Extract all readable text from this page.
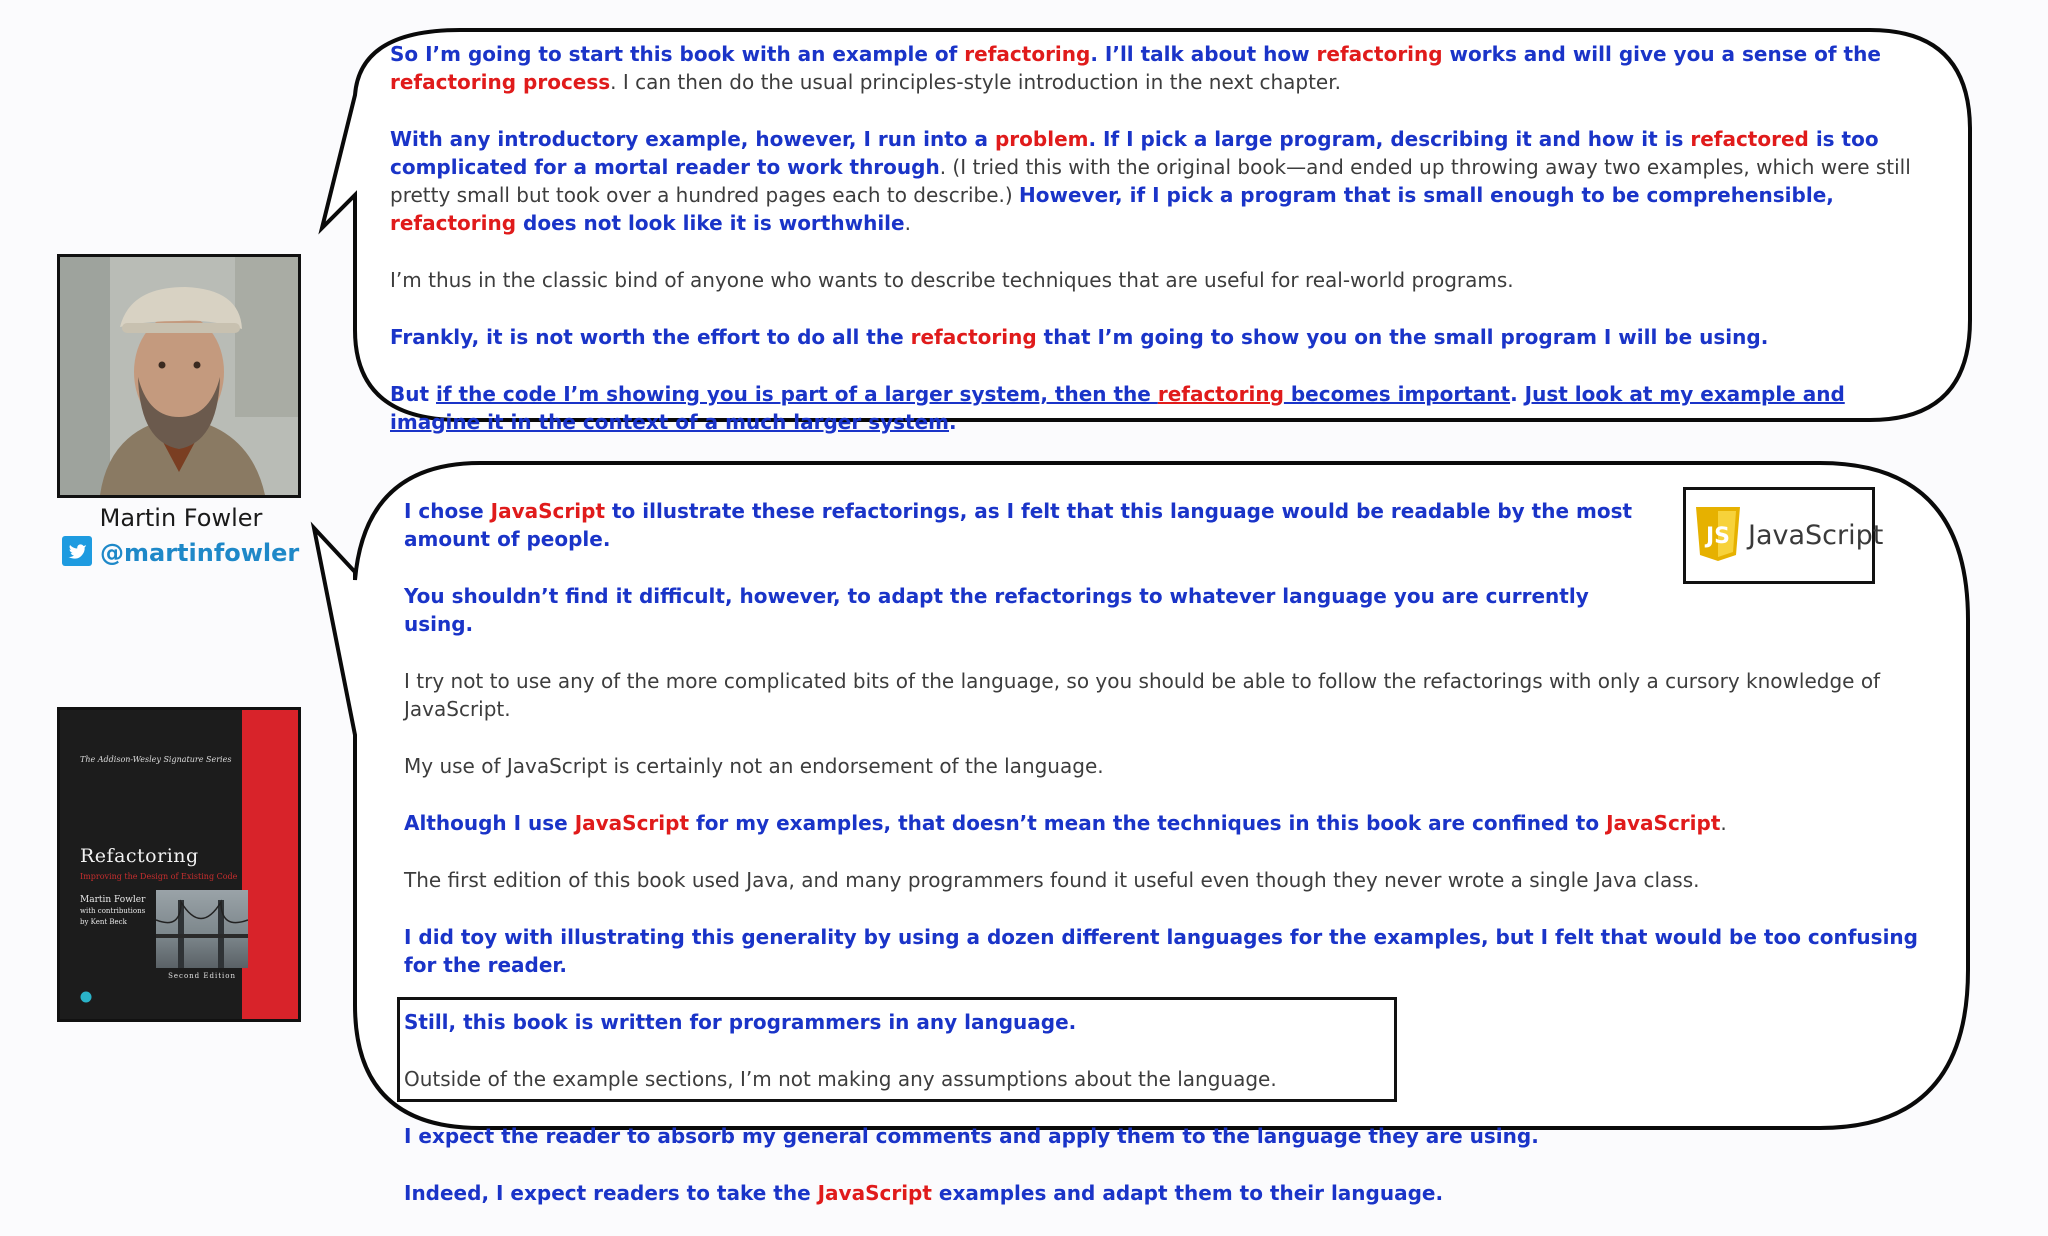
Martin Fowler
@martinfowler
The Addison-Wesley Signature Series
Refactoring
Improving the Design of Existing Code
Martin Fowler
with contributions by Kent Beck
Second Edition

So I’m going to start this book with an example of refactoring. I’ll talk about how refactoring works and will give you a sense of the refactoring process. I can then do the usual principles-style introduction in the next chapter.

With any introductory example, however, I run into a problem. If I pick a large program, describing it and how it is refactored is too complicated for a mortal reader to work through. (I tried this with the original book—and ended up throwing away two examples, which were still pretty small but took over a hundred pages each to describe.) However, if I pick a program that is small enough to be comprehensible, refactoring does not look like it is worthwhile.

I’m thus in the classic bind of anyone who wants to describe techniques that are useful for real-world programs.

Frankly, it is not worth the effort to do all the refactoring that I’m going to show you on the small program I will be using.

But if the code I’m showing you is part of a larger system, then the refactoring becomes important. Just look at my example and imagine it in the context of a much larger system.

I chose JavaScript to illustrate these refactorings, as I felt that this language would be readable by the most amount of people.

You shouldn’t find it difficult, however, to adapt the refactorings to whatever language you are currently using.

I try not to use any of the more complicated bits of the language, so you should be able to follow the refactorings with only a cursory knowledge of JavaScript.

My use of JavaScript is certainly not an endorsement of the language.

Although I use JavaScript for my examples, that doesn’t mean the techniques in this book are confined to JavaScript.

The first edition of this book used Java, and many programmers found it useful even though they never wrote a single Java class.

I did toy with illustrating this generality by using a dozen different languages for the examples, but I felt that would be too confusing for the reader.

Still, this book is written for programmers in any language.

Outside of the example sections, I’m not making any assumptions about the language.

I expect the reader to absorb my general comments and apply them to the language they are using.

Indeed, I expect readers to take the JavaScript examples and adapt them to their language.

JS JavaScript
